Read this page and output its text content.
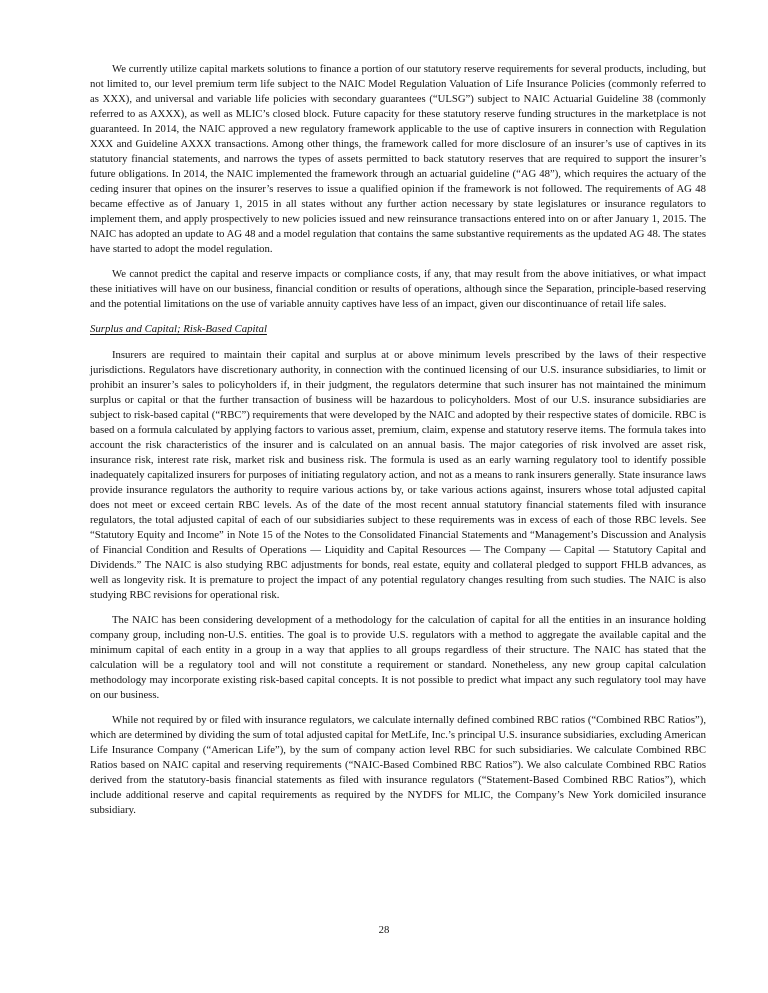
We currently utilize capital markets solutions to finance a portion of our statutory reserve requirements for several products, including, but not limited to, our level premium term life subject to the NAIC Model Regulation Valuation of Life Insurance Policies (commonly referred to as XXX), and universal and variable life policies with secondary guarantees (“ULSG”) subject to NAIC Actuarial Guideline 38 (commonly referred to as AXXX), as well as MLIC’s closed block. Future capacity for these statutory reserve funding structures in the marketplace is not guaranteed. In 2014, the NAIC approved a new regulatory framework applicable to the use of captive insurers in connection with Regulation XXX and Guideline AXXX transactions. Among other things, the framework called for more disclosure of an insurer’s use of captives in its statutory financial statements, and narrows the types of assets permitted to back statutory reserves that are required to support the insurer’s future obligations. In 2014, the NAIC implemented the framework through an actuarial guideline (“AG 48”), which requires the actuary of the ceding insurer that opines on the insurer’s reserves to issue a qualified opinion if the framework is not followed. The requirements of AG 48 became effective as of January 1, 2015 in all states without any further action necessary by state legislatures or insurance regulators to implement them, and apply prospectively to new policies issued and new reinsurance transactions entered into on or after January 1, 2015. The NAIC has adopted an update to AG 48 and a model regulation that contains the same substantive requirements as the updated AG 48. The states have started to adopt the model regulation.

We cannot predict the capital and reserve impacts or compliance costs, if any, that may result from the above initiatives, or what impact these initiatives will have on our business, financial condition or results of operations, although since the Separation, principle-based reserving and the potential limitations on the use of variable annuity captives have less of an impact, given our discontinuance of retail life sales.

Surplus and Capital; Risk-Based Capital

Insurers are required to maintain their capital and surplus at or above minimum levels prescribed by the laws of their respective jurisdictions. Regulators have discretionary authority, in connection with the continued licensing of our U.S. insurance subsidiaries, to limit or prohibit an insurer’s sales to policyholders if, in their judgment, the regulators determine that such insurer has not maintained the minimum surplus or capital or that the further transaction of business will be hazardous to policyholders. Most of our U.S. insurance subsidiaries are subject to risk-based capital (“RBC”) requirements that were developed by the NAIC and adopted by their respective states of domicile. RBC is based on a formula calculated by applying factors to various asset, premium, claim, expense and statutory reserve items. The formula takes into account the risk characteristics of the insurer and is calculated on an annual basis. The major categories of risk involved are asset risk, insurance risk, interest rate risk, market risk and business risk. The formula is used as an early warning regulatory tool to identify possible inadequately capitalized insurers for purposes of initiating regulatory action, and not as a means to rank insurers generally. State insurance laws provide insurance regulators the authority to require various actions by, or take various actions against, insurers whose total adjusted capital does not meet or exceed certain RBC levels. As of the date of the most recent annual statutory financial statements filed with insurance regulators, the total adjusted capital of each of our subsidiaries subject to these requirements was in excess of each of those RBC levels. See “Statutory Equity and Income” in Note 15 of the Notes to the Consolidated Financial Statements and “Management’s Discussion and Analysis of Financial Condition and Results of Operations — Liquidity and Capital Resources — The Company — Capital — Statutory Capital and Dividends.” The NAIC is also studying RBC adjustments for bonds, real estate, equity and collateral pledged to support FHLB advances, as well as longevity risk. It is premature to project the impact of any potential regulatory changes resulting from such studies. The NAIC is also studying RBC revisions for operational risk.

The NAIC has been considering development of a methodology for the calculation of capital for all the entities in an insurance holding company group, including non-U.S. entities. The goal is to provide U.S. regulators with a method to aggregate the available capital and the minimum capital of each entity in a group in a way that applies to all groups regardless of their structure. The NAIC has stated that the calculation will be a regulatory tool and will not constitute a requirement or standard. Nonetheless, any new group capital calculation methodology may incorporate existing risk-based capital concepts. It is not possible to predict what impact any such regulatory tool may have on our business.

While not required by or filed with insurance regulators, we calculate internally defined combined RBC ratios (“Combined RBC Ratios”), which are determined by dividing the sum of total adjusted capital for MetLife, Inc.’s principal U.S. insurance subsidiaries, excluding American Life Insurance Company (“American Life”), by the sum of company action level RBC for such subsidiaries. We calculate Combined RBC Ratios based on NAIC capital and reserving requirements (“NAIC-Based Combined RBC Ratios”). We also calculate Combined RBC Ratios derived from the statutory-basis financial statements as filed with insurance regulators (“Statement-Based Combined RBC Ratios”), which include additional reserve and capital requirements as required by the NYDFS for MLIC, the Company’s New York domiciled insurance subsidiary.

28
